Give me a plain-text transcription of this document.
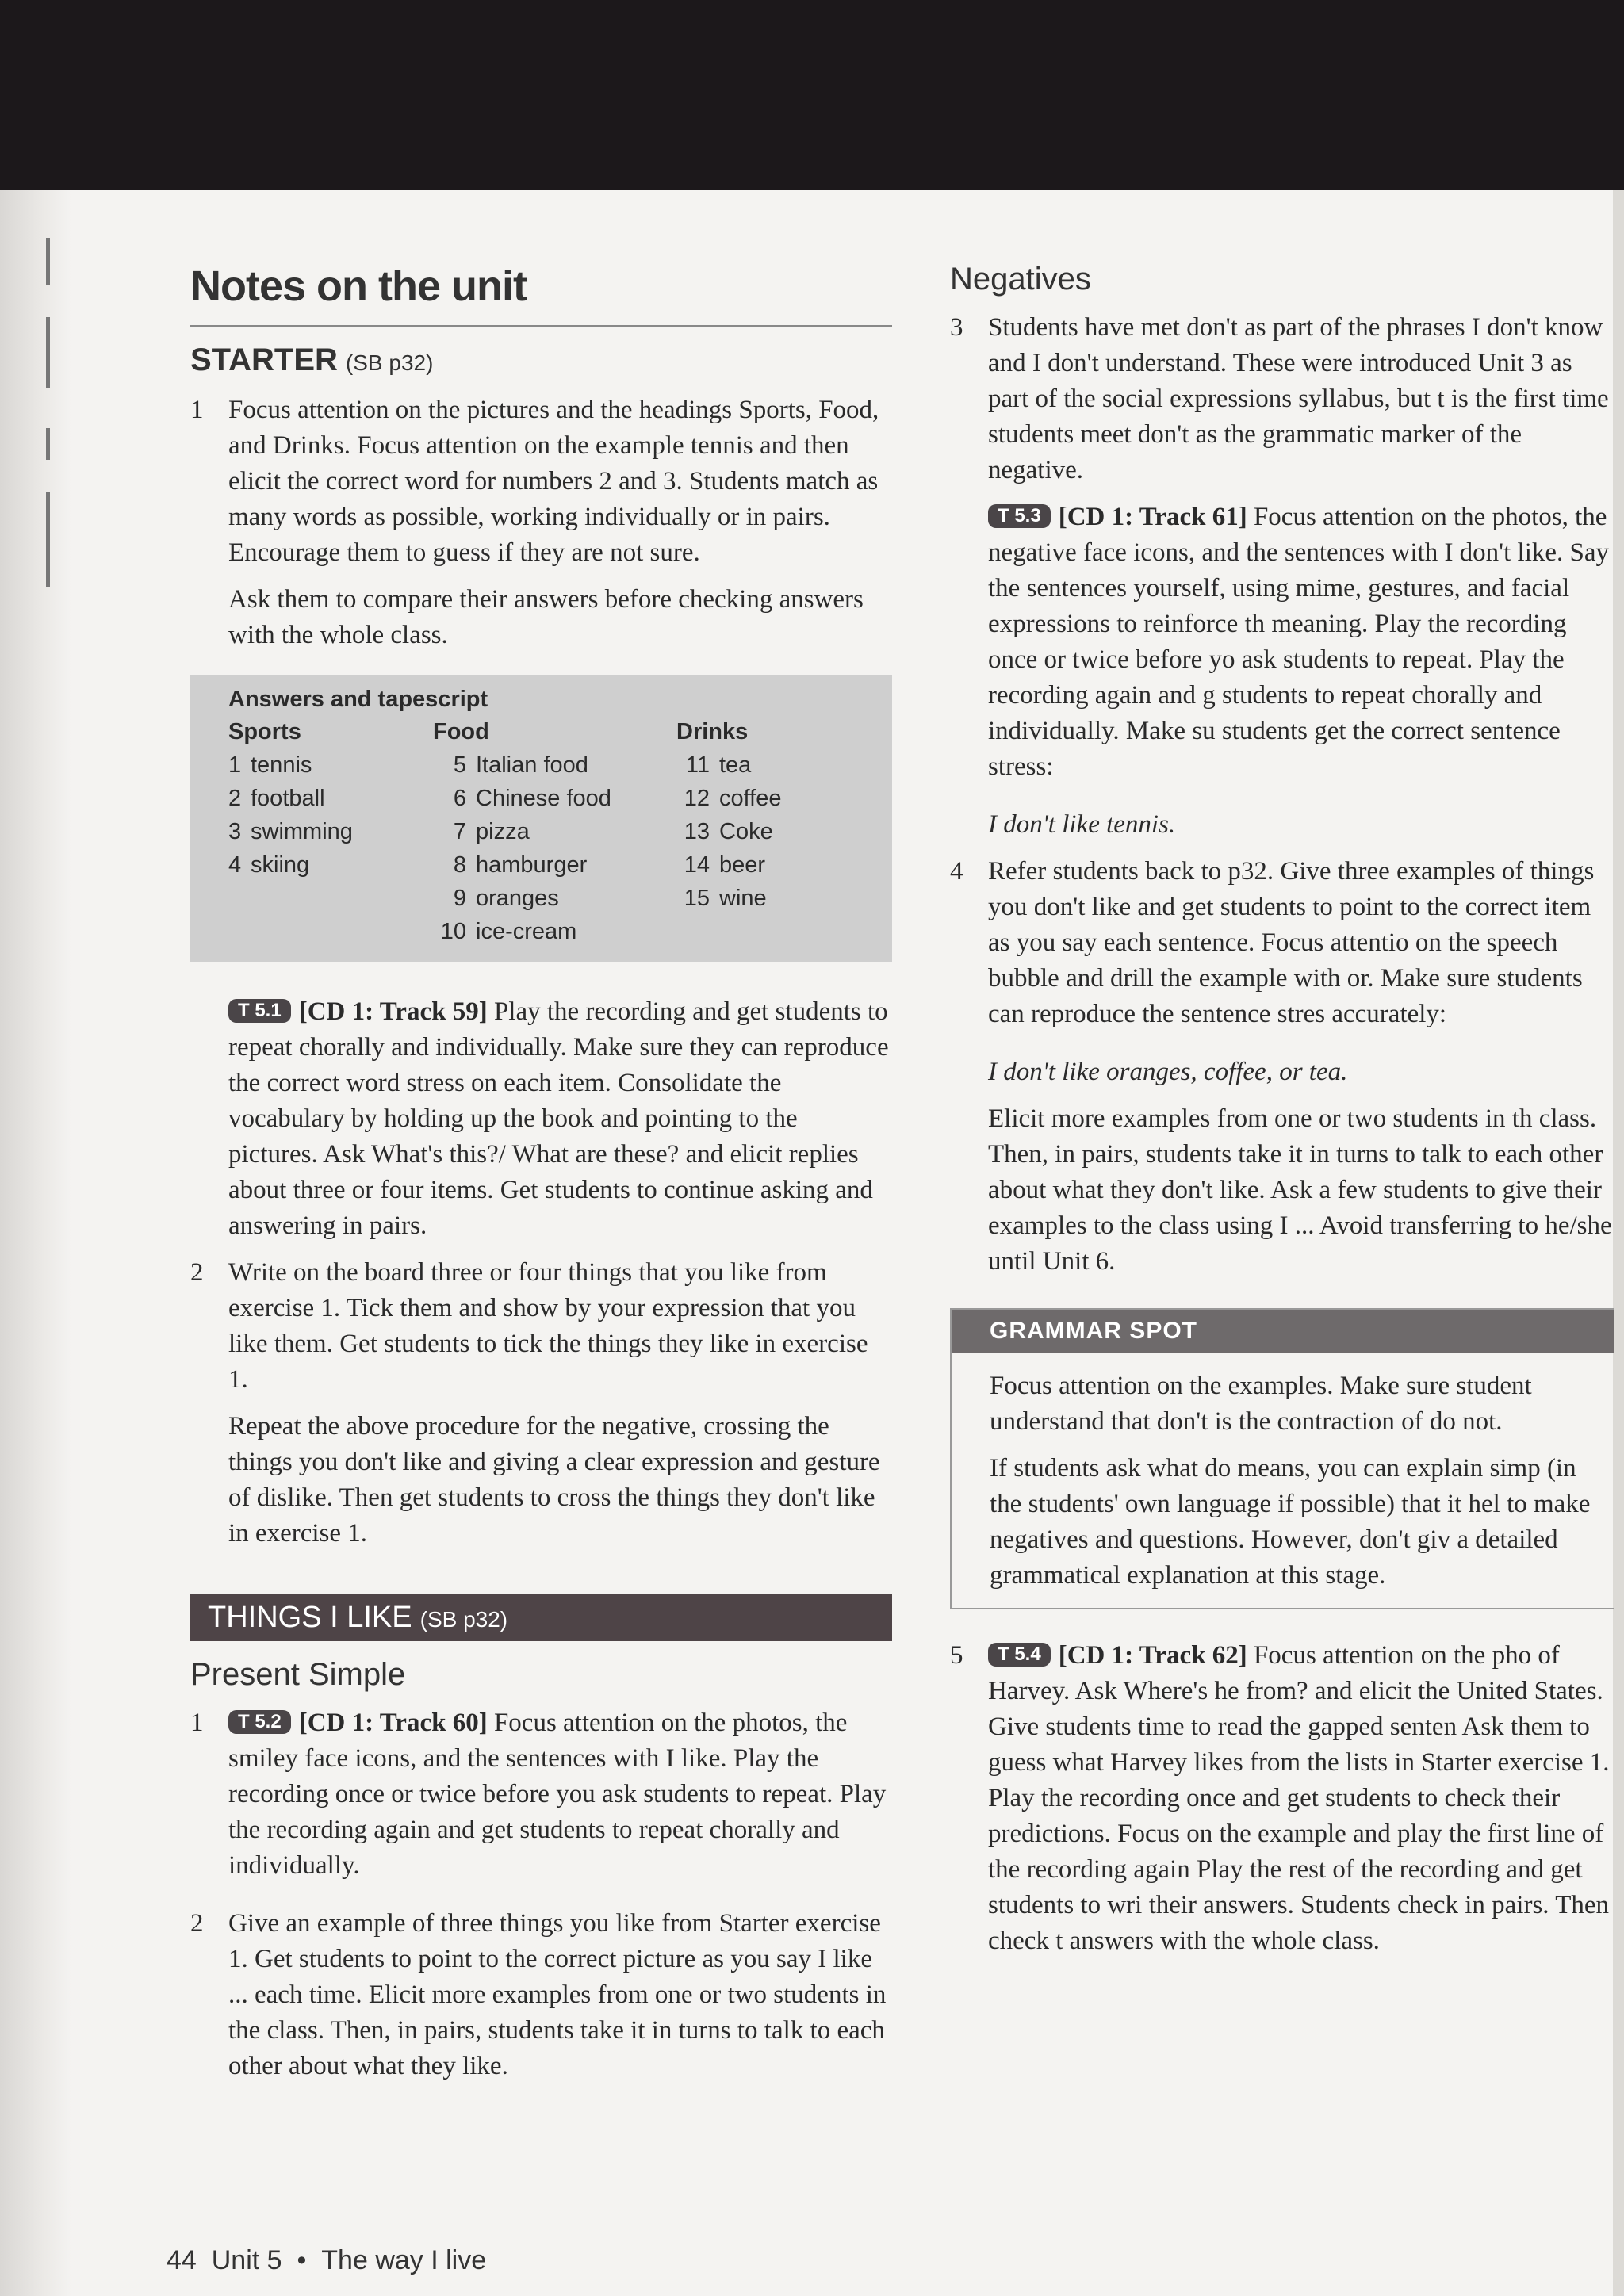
Notes on the unit
STARTER (SB p32)
1 Focus attention on the pictures and the headings Sports, Food, and Drinks. Focus attention on the example tennis and then elicit the correct word for numbers 2 and 3. Students match as many words as possible, working individually or in pairs. Encourage them to guess if they are not sure.

Ask them to compare their answers before checking answers with the whole class.

Answers and tapescript
Sports	Food	Drinks
1 tennis	5 Italian food	11 tea
2 football	6 Chinese food	12 coffee
3 swimming	7 pizza	13 Coke
4 skiing	8 hamburger	14 beer
	9 oranges	15 wine
	10 ice-cream	

T 5.1 [CD 1: Track 59] Play the recording and get students to repeat chorally and individually. Make sure they can reproduce the correct word stress on each item. Consolidate the vocabulary by holding up the book and pointing to the pictures. Ask What's this?/ What are these? and elicit replies about three or four items. Get students to continue asking and answering in pairs.

2 Write on the board three or four things that you like from exercise 1. Tick them and show by your expression that you like them. Get students to tick the things they like in exercise 1.

Repeat the above procedure for the negative, crossing the things you don't like and giving a clear expression and gesture of dislike. Then get students to cross the things they don't like in exercise 1.

THINGS I LIKE (SB p32)
Present Simple
1	T 5.2 [CD 1: Track 60] Focus attention on the photos, the smiley face icons, and the sentences with I like. Play the recording once or twice before you ask students to repeat. Play the recording again and get students to repeat chorally and individually.

2 Give an example of three things you like from Starter exercise 1. Get students to point to the correct picture as you say I like ... each time. Elicit more examples from one or two students in the class. Then, in pairs, students take it in turns to talk to each other about what they like.

Negatives
3 Students have met don't as part of the phrases I don't know and I don't understand. These were introduced Unit 3 as part of the social expressions syllabus, but t is the first time students meet don't as the grammatic marker of the negative.

T 5.3 [CD 1: Track 61] Focus attention on the photos, the negative face icons, and the sentences with I don't like. Say the sentences yourself, using mime, gestures, and facial expressions to reinforce th meaning. Play the recording once or twice before yo ask students to repeat. Play the recording again and g students to repeat chorally and individually. Make su students get the correct sentence stress:

I don't like tennis.

4 Refer students back to p32. Give three examples of things you don't like and get students to point to the correct item as you say each sentence. Focus attentio on the speech bubble and drill the example with or. Make sure students can reproduce the sentence stres accurately:

I don't like oranges, coffee, or tea.

Elicit more examples from one or two students in th class. Then, in pairs, students take it in turns to talk to each other about what they don't like. Ask a few students to give their examples to the class using I ... Avoid transferring to he/she until Unit 6.

GRAMMAR SPOT

Focus attention on the examples. Make sure student understand that don't is the contraction of do not.

If students ask what do means, you can explain simp (in the students' own language if possible) that it hel to make negatives and questions. However, don't giv a detailed grammatical explanation at this stage.

5	T 5.4 [CD 1: Track 62] Focus attention on the pho of Harvey. Ask Where's he from? and elicit the United States. Give students time to read the gapped senten Ask them to guess what Harvey likes from the lists in Starter exercise 1. Play the recording once and get students to check their predictions. Focus on the example and play the first line of the recording again Play the rest of the recording and get students to wri their answers. Students check in pairs. Then check t answers with the whole class.

44 Unit 5 • The way I live
